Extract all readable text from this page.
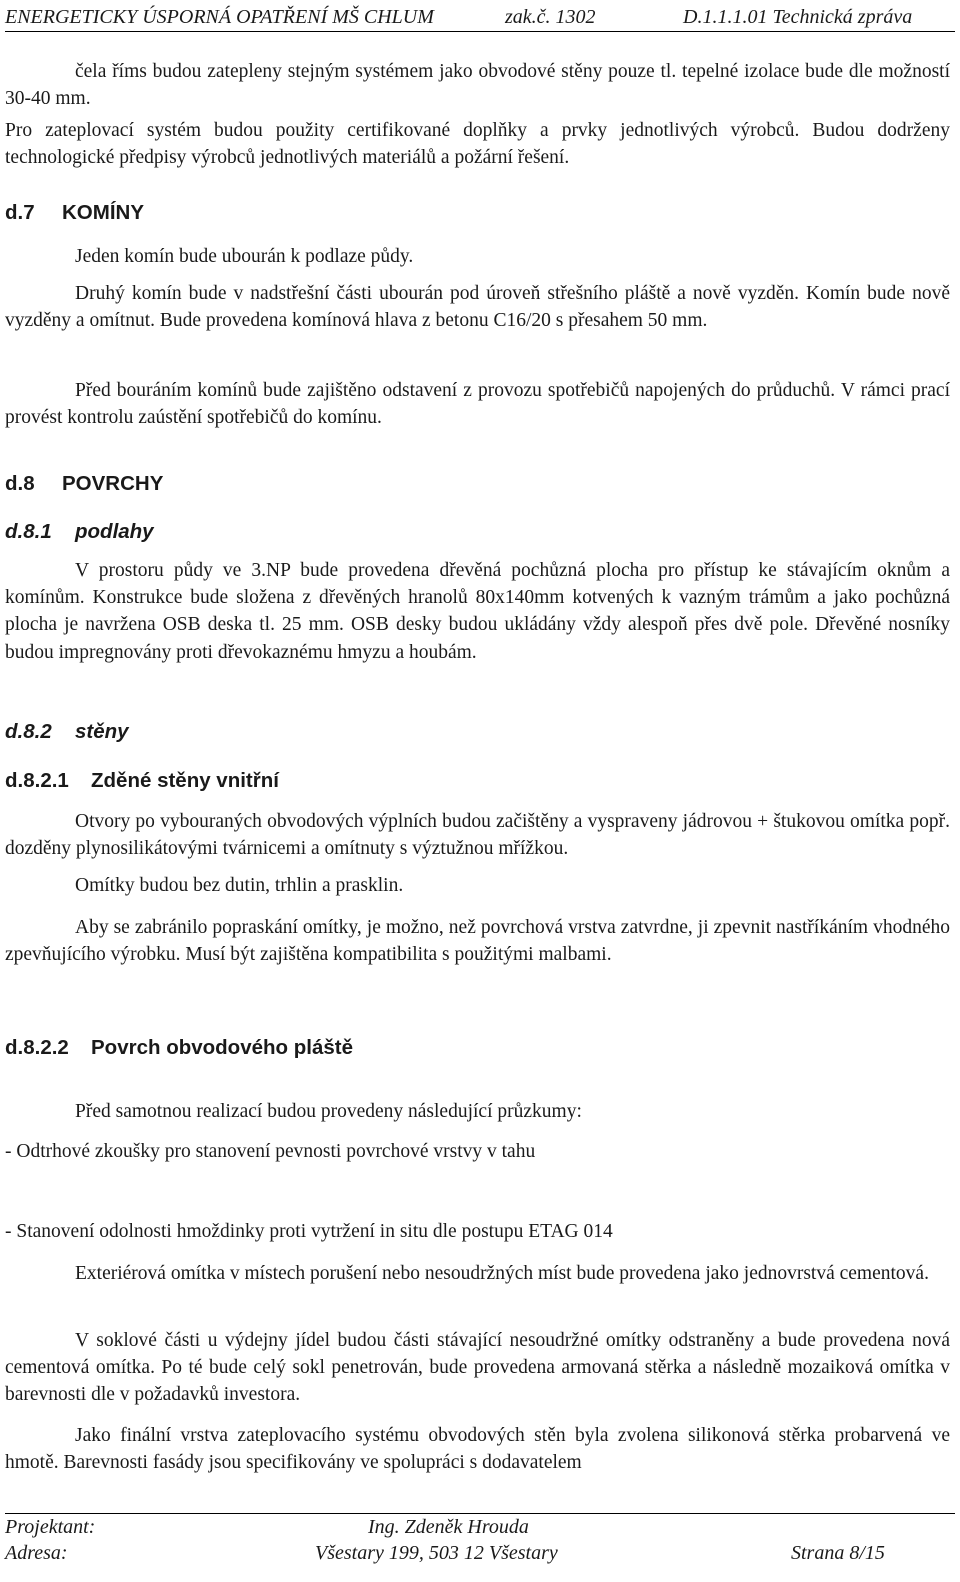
ENERGETICKY ÚSPORNÁ OPATŘENÍ MŠ CHLUM	zak.č. 1302	D.1.1.1.01 Technická zpráva

čela říms budou zatepleny stejným systémem jako obvodové stěny pouze tl. tepelné izolace bude dle možností 30-40 mm.

Pro zateplovací systém budou použity certifikované doplňky a prvky jednotlivých výrobců. Budou dodrženy technologické předpisy výrobců jednotlivých materiálů a požární řešení.

d.7 KOMÍNY

Jeden komín bude ubourán k podlaze půdy.

Druhý komín bude v nadstřešní části ubourán pod úroveň střešního pláště a nově vyzděn. Komín bude nově vyzděny a omítnut. Bude provedena komínová hlava z betonu C16/20 s přesahem 50 mm.

Před bouráním komínů bude zajištěno odstavení z provozu spotřebičů napojených do průduchů. V rámci prací provést kontrolu zaústění spotřebičů do komínu.

d.8 POVRCHY
d.8.1 podlahy

V prostoru půdy ve 3.NP bude provedena dřevěná pochůzná plocha pro přístup ke stávajícím oknům a komínům. Konstrukce bude složena z dřevěných hranolů 80x140mm kotvených k vazným trámům a jako pochůzná plocha je navržena OSB deska tl. 25 mm. OSB desky budou ukládány vždy alespoň přes dvě pole. Dřevěné nosníky budou impregnovány proti dřevokaznému hmyzu a houbám.

d.8.2 stěny
d.8.2.1 Zděné stěny vnitřní

Otvory po vybouraných obvodových výplních budou začištěny a vyspraveny jádrovou + štukovou omítka popř. dozděny plynosilikátovými tvárnicemi a omítnuty s výztužnou mřížkou.

Omítky budou bez dutin, trhlin a prasklin.

Aby se zabránilo popraskání omítky, je možno, než povrchová vrstva zatvrdne, ji zpevnit nastříkáním vhodného zpevňujícího výrobku. Musí být zajištěna kompatibilita s použitými malbami.

d.8.2.2 Povrch obvodového pláště

Před samotnou realizací budou provedeny následující průzkumy:

- Odtrhové zkoušky pro stanovení pevnosti povrchové vrstvy v tahu

- Stanovení odolnosti hmoždinky proti vytržení in situ dle postupu ETAG 014

Exteriérová omítka v místech porušení nebo nesoudržných míst bude provedena jako jednovrstvá cementová.

V soklové části u výdejny jídel budou části stávající nesoudržné omítky odstraněny a bude provedena nová cementová omítka. Po té bude celý sokl penetrován, bude provedena armovaná stěrka a následně mozaiková omítka v barevnosti dle v požadavků investora.

Jako finální vrstva zateplovacího systému obvodových stěn byla zvolena silikonová stěrka probarvená ve hmotě. Barevnosti fasády jsou specifikovány ve spolupráci s dodavatelem

Projektant:	Ing. Zdeněk Hrouda
Adresa:	Všestary 199, 503 12 Všestary	Strana 8/15
